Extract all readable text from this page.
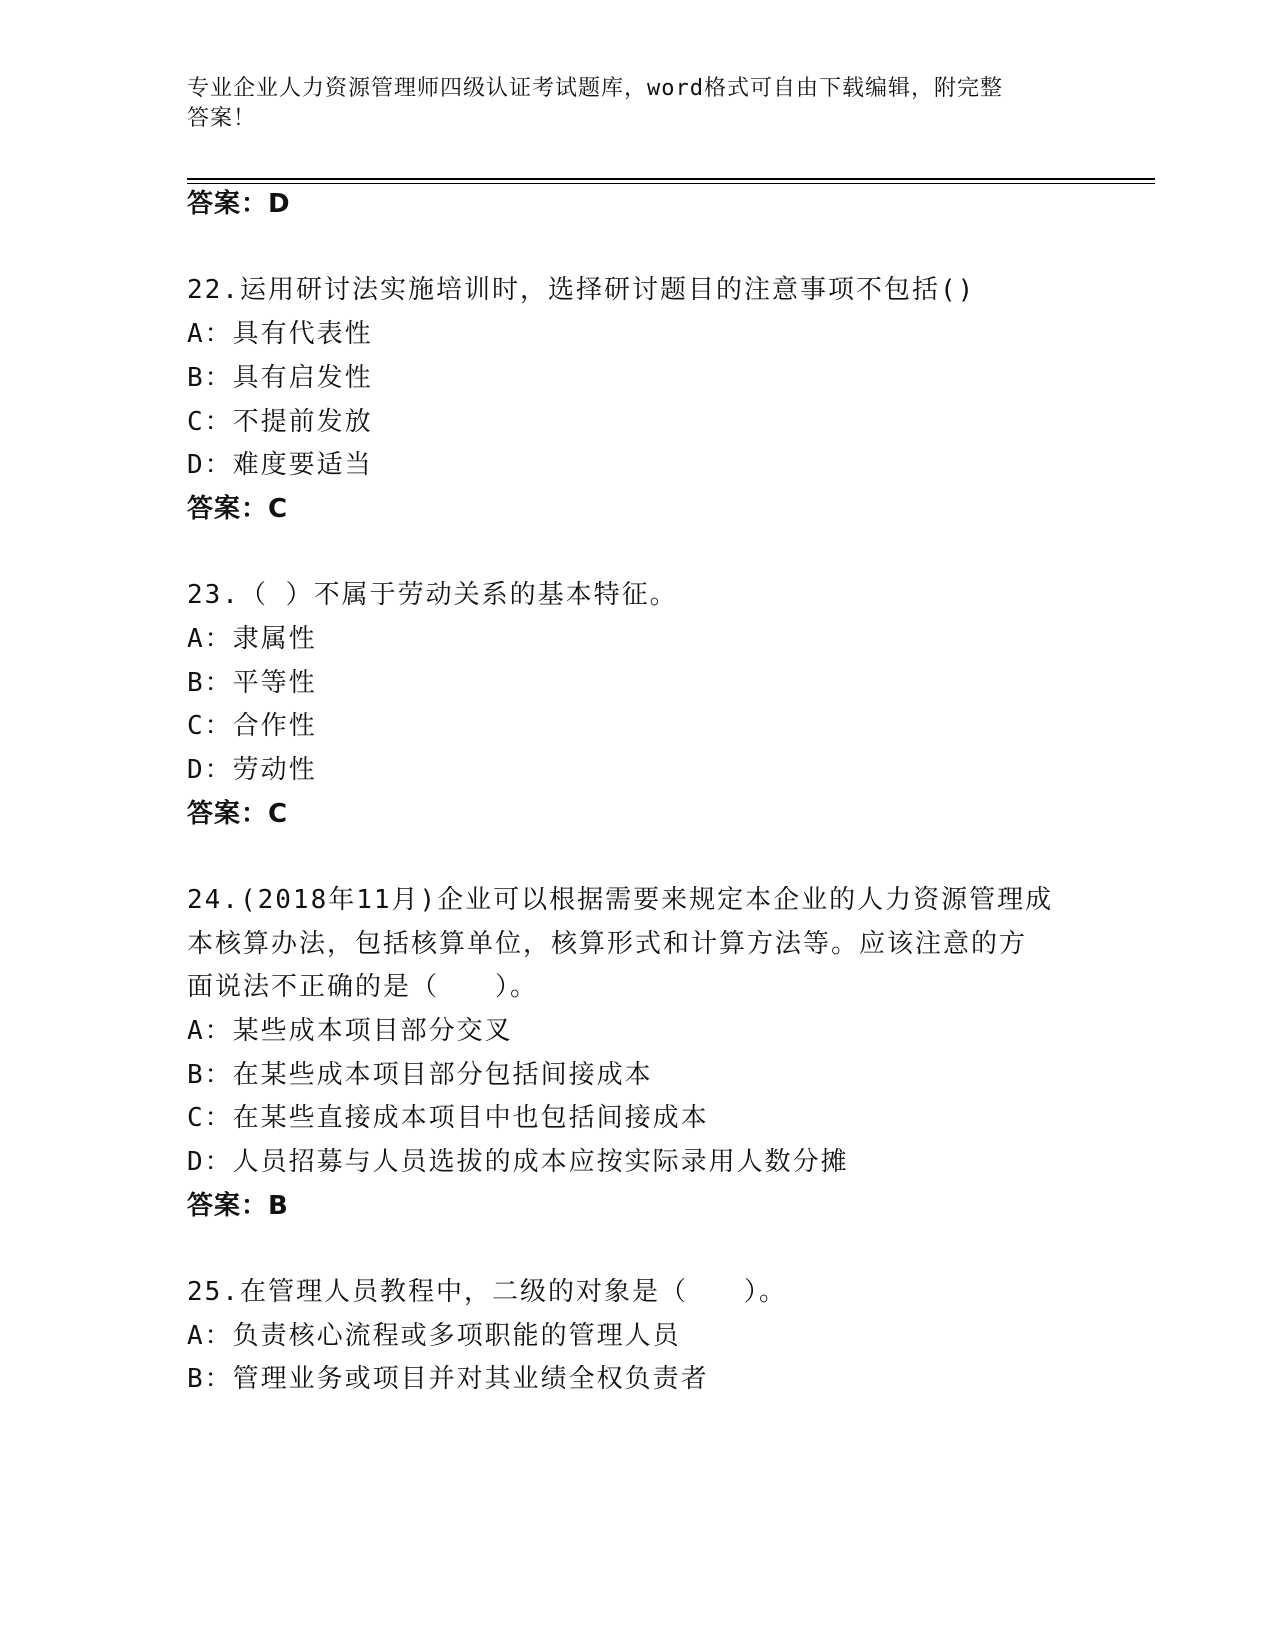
专业企业人力资源管理师四级认证考试题库，word格式可自由下载编辑，附完整
答案！
答案：D
22.运用研讨法实施培训时，选择研讨题目的注意事项不包括()
A：具有代表性
B：具有启发性
C：不提前发放
D：难度要适当
答案：C
23.（ ）不属于劳动关系的基本特征。
A：隶属性
B：平等性
C：合作性
D：劳动性
答案：C
24.(2018年11月)企业可以根据需要来规定本企业的人力资源管理成
本核算办法，包括核算单位，核算形式和计算方法等。应该注意的方
面说法不正确的是（　　）。
A：某些成本项目部分交叉
B：在某些成本项目部分包括间接成本
C：在某些直接成本项目中也包括间接成本
D：人员招募与人员选拔的成本应按实际录用人数分摊
答案：B
25.在管理人员教程中，二级的对象是（　　）。
A：负责核心流程或多项职能的管理人员
B：管理业务或项目并对其业绩全权负责者
